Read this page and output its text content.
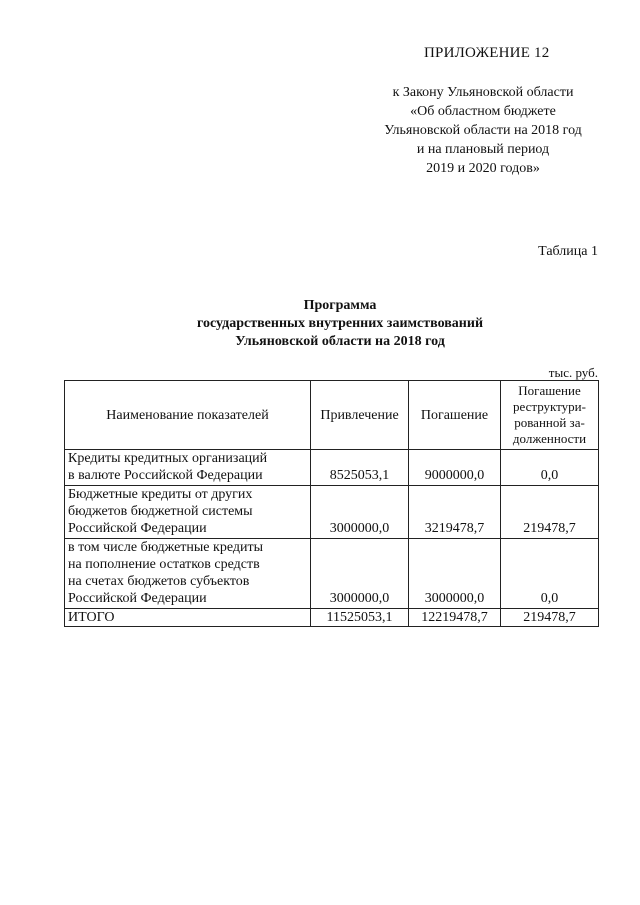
ПРИЛОЖЕНИЕ 12
к Закону Ульяновской области
«Об областном бюджете
Ульяновской области на 2018 год
и на плановый период
2019 и 2020 годов»
Таблица 1
Программа
государственных внутренних заимствований
Ульяновской области на 2018 год
тыс. руб.
Наименование показателей	Привлечение	Погашение	Погашение
реструктури-
рованной за-
долженности

Кредиты кредитных организаций
в валюте Российской Федерации	8525053,1	9000000,0	0,0

Бюджетные кредиты от других
бюджетов бюджетной системы
Российской Федерации	3000000,0	3219478,7	219478,7

в том числе бюджетные кредиты
на пополнение остатков средств
на счетах бюджетов субъектов
Российской Федерации	3000000,0	3000000,0	0,0
ИТОГО	11525053,1	12219478,7	219478,7
